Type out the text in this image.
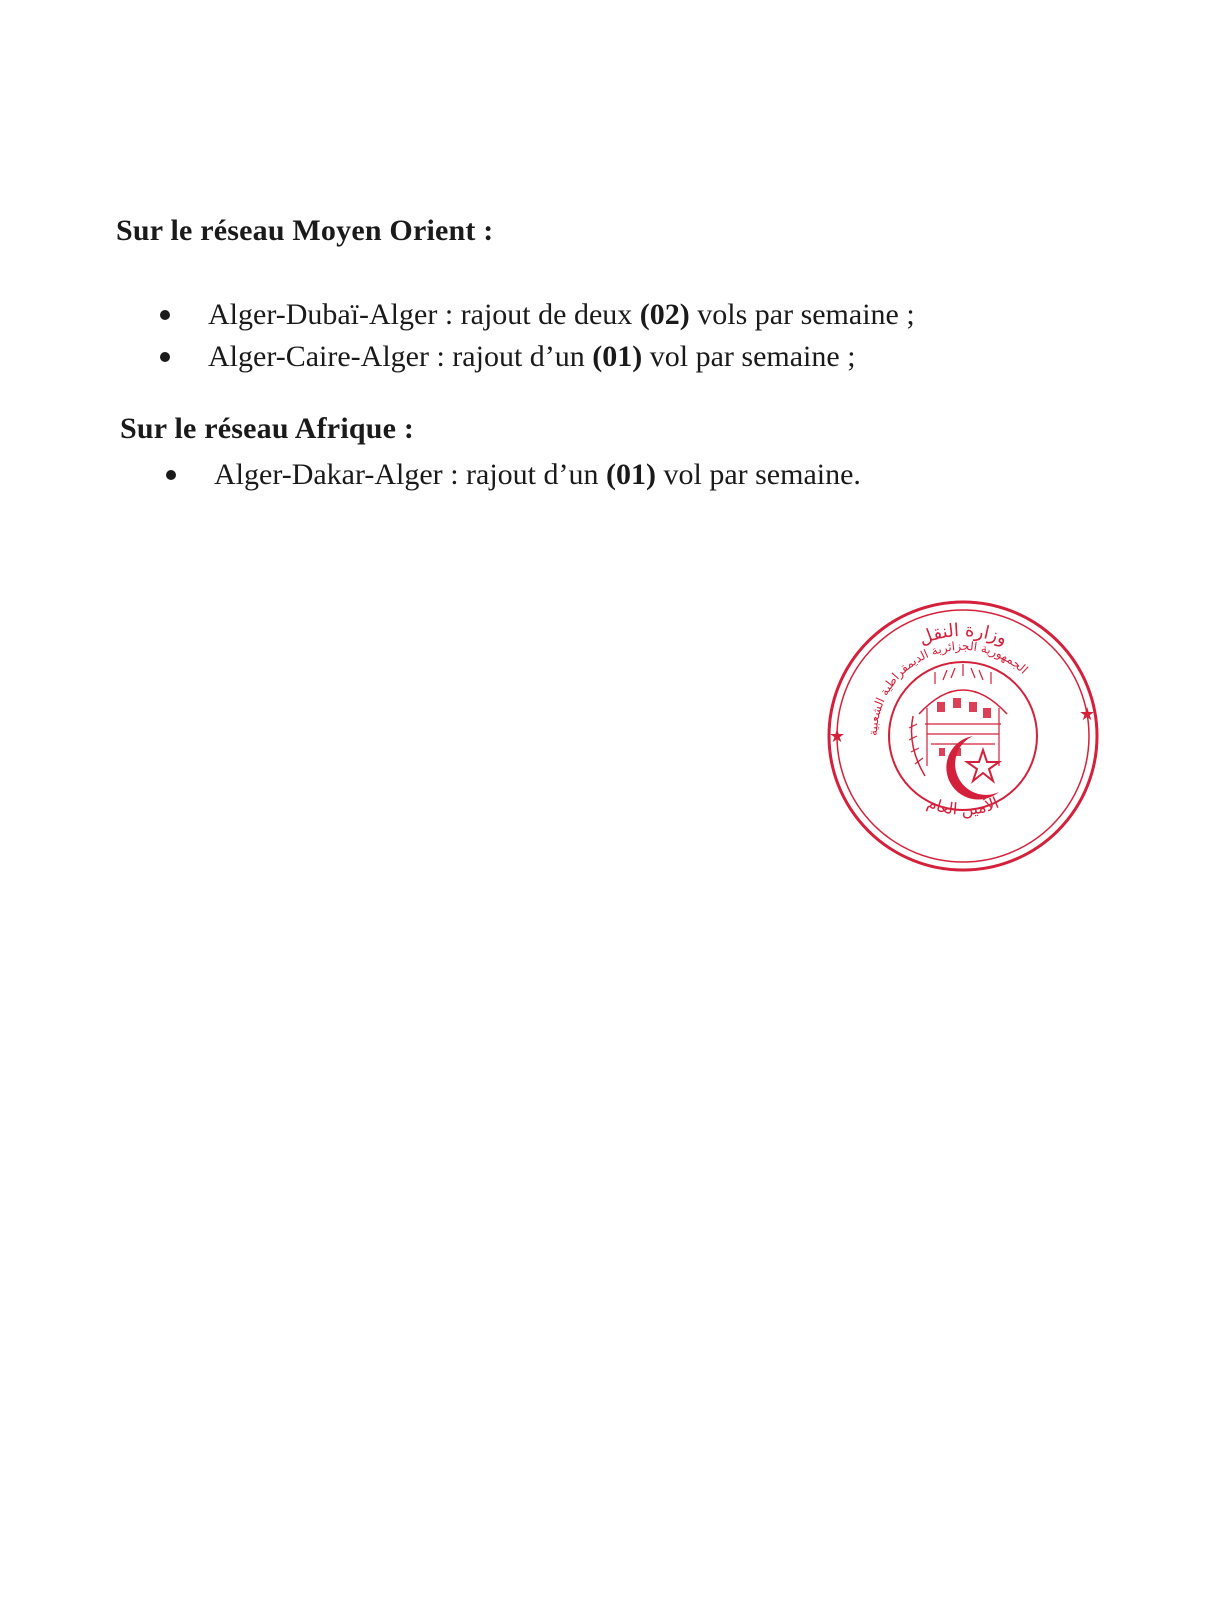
Sur le réseau Moyen Orient :
Alger-Dubaï-Alger : rajout de deux (02) vols par semaine ;
Alger-Caire-Alger : rajout d’un (01) vol par semaine ;
Sur le réseau Afrique :
Alger-Dakar-Alger : rajout d’un (01) vol par semaine.
★
★
وزارة النقل
الجمهورية الجزائرية الديمقراطية الشعبية
الأمين العام
